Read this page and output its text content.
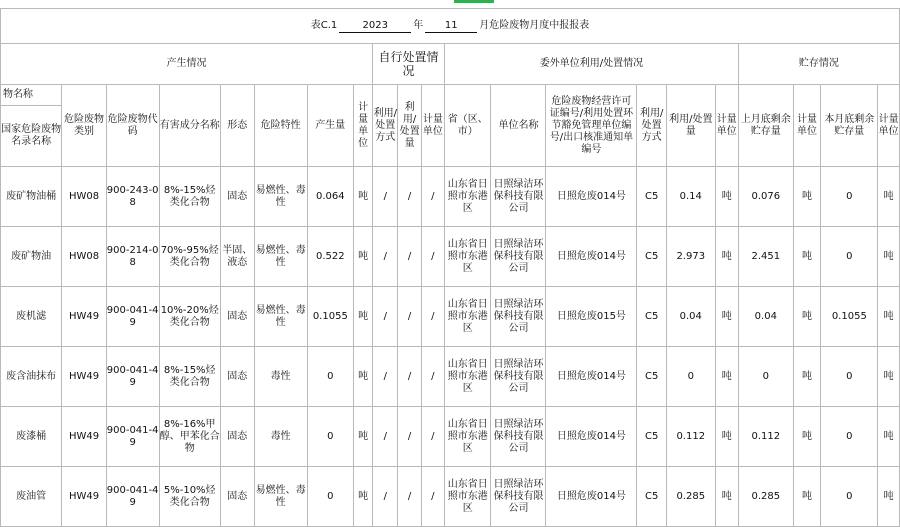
表C.1 2023 年 11 月危险废物月度中报报表																				
产生情况								自行处置情况			委外单位利用/处置情况						贮存情况			
物名称	危险废物类别	危险废物代码	有害成分名称	形态	危险特性	产生量	计量单位	利用/处置方式	利用/处置量	计量单位	省（区、市）	单位名称	危险废物经营许可证编号/利用处置环节豁免管理单位编号/出口核准通知单编号	利用/处置方式	利用/处置量	计量单位	上月底剩余贮存量	计量单位	本月底剩余贮存量	计量单位
国家危险废物名录名称																				
废矿物油桶	HW08	900-243-08	8%-15%烃类化合物	固态	易燃性、毒性	0.064	吨	/	/	/	山东省日照市东港区	日照绿洁环保科技有限公司	日照危废014号	C5	0.14	吨	0.076	吨	0	吨
废矿物油	HW08	900-214-08	70%-95%烃类化合物	半固、液态	易燃性、毒性	0.522	吨	/	/	/	山东省日照市东港区	日照绿洁环保科技有限公司	日照危废014号	C5	2.973	吨	2.451	吨	0	吨
废机滤	HW49	900-041-49	10%-20%烃类化合物	固态	易燃性、毒性	0.1055	吨	/	/	/	山东省日照市东港区	日照绿洁环保科技有限公司	日照危废015号	C5	0.04	吨	0.04	吨	0.1055	吨
废含油抹布	HW49	900-041-49	8%-15%烃类化合物	固态	毒性	0	吨	/	/	/	山东省日照市东港区	日照绿洁环保科技有限公司	日照危废014号	C5	0	吨	0	吨	0	吨
废漆桶	HW49	900-041-49	8%-16%甲醇、甲苯化合物	固态	毒性	0	吨	/	/	/	山东省日照市东港区	日照绿洁环保科技有限公司	日照危废014号	C5	0.112	吨	0.112	吨	0	吨
废油管	HW49	900-041-49	5%-10%烃类化合物	固态	易燃性、毒性	0	吨	/	/	/	山东省日照市东港区	日照绿洁环保科技有限公司	日照危废014号	C5	0.285	吨	0.285	吨	0	吨
